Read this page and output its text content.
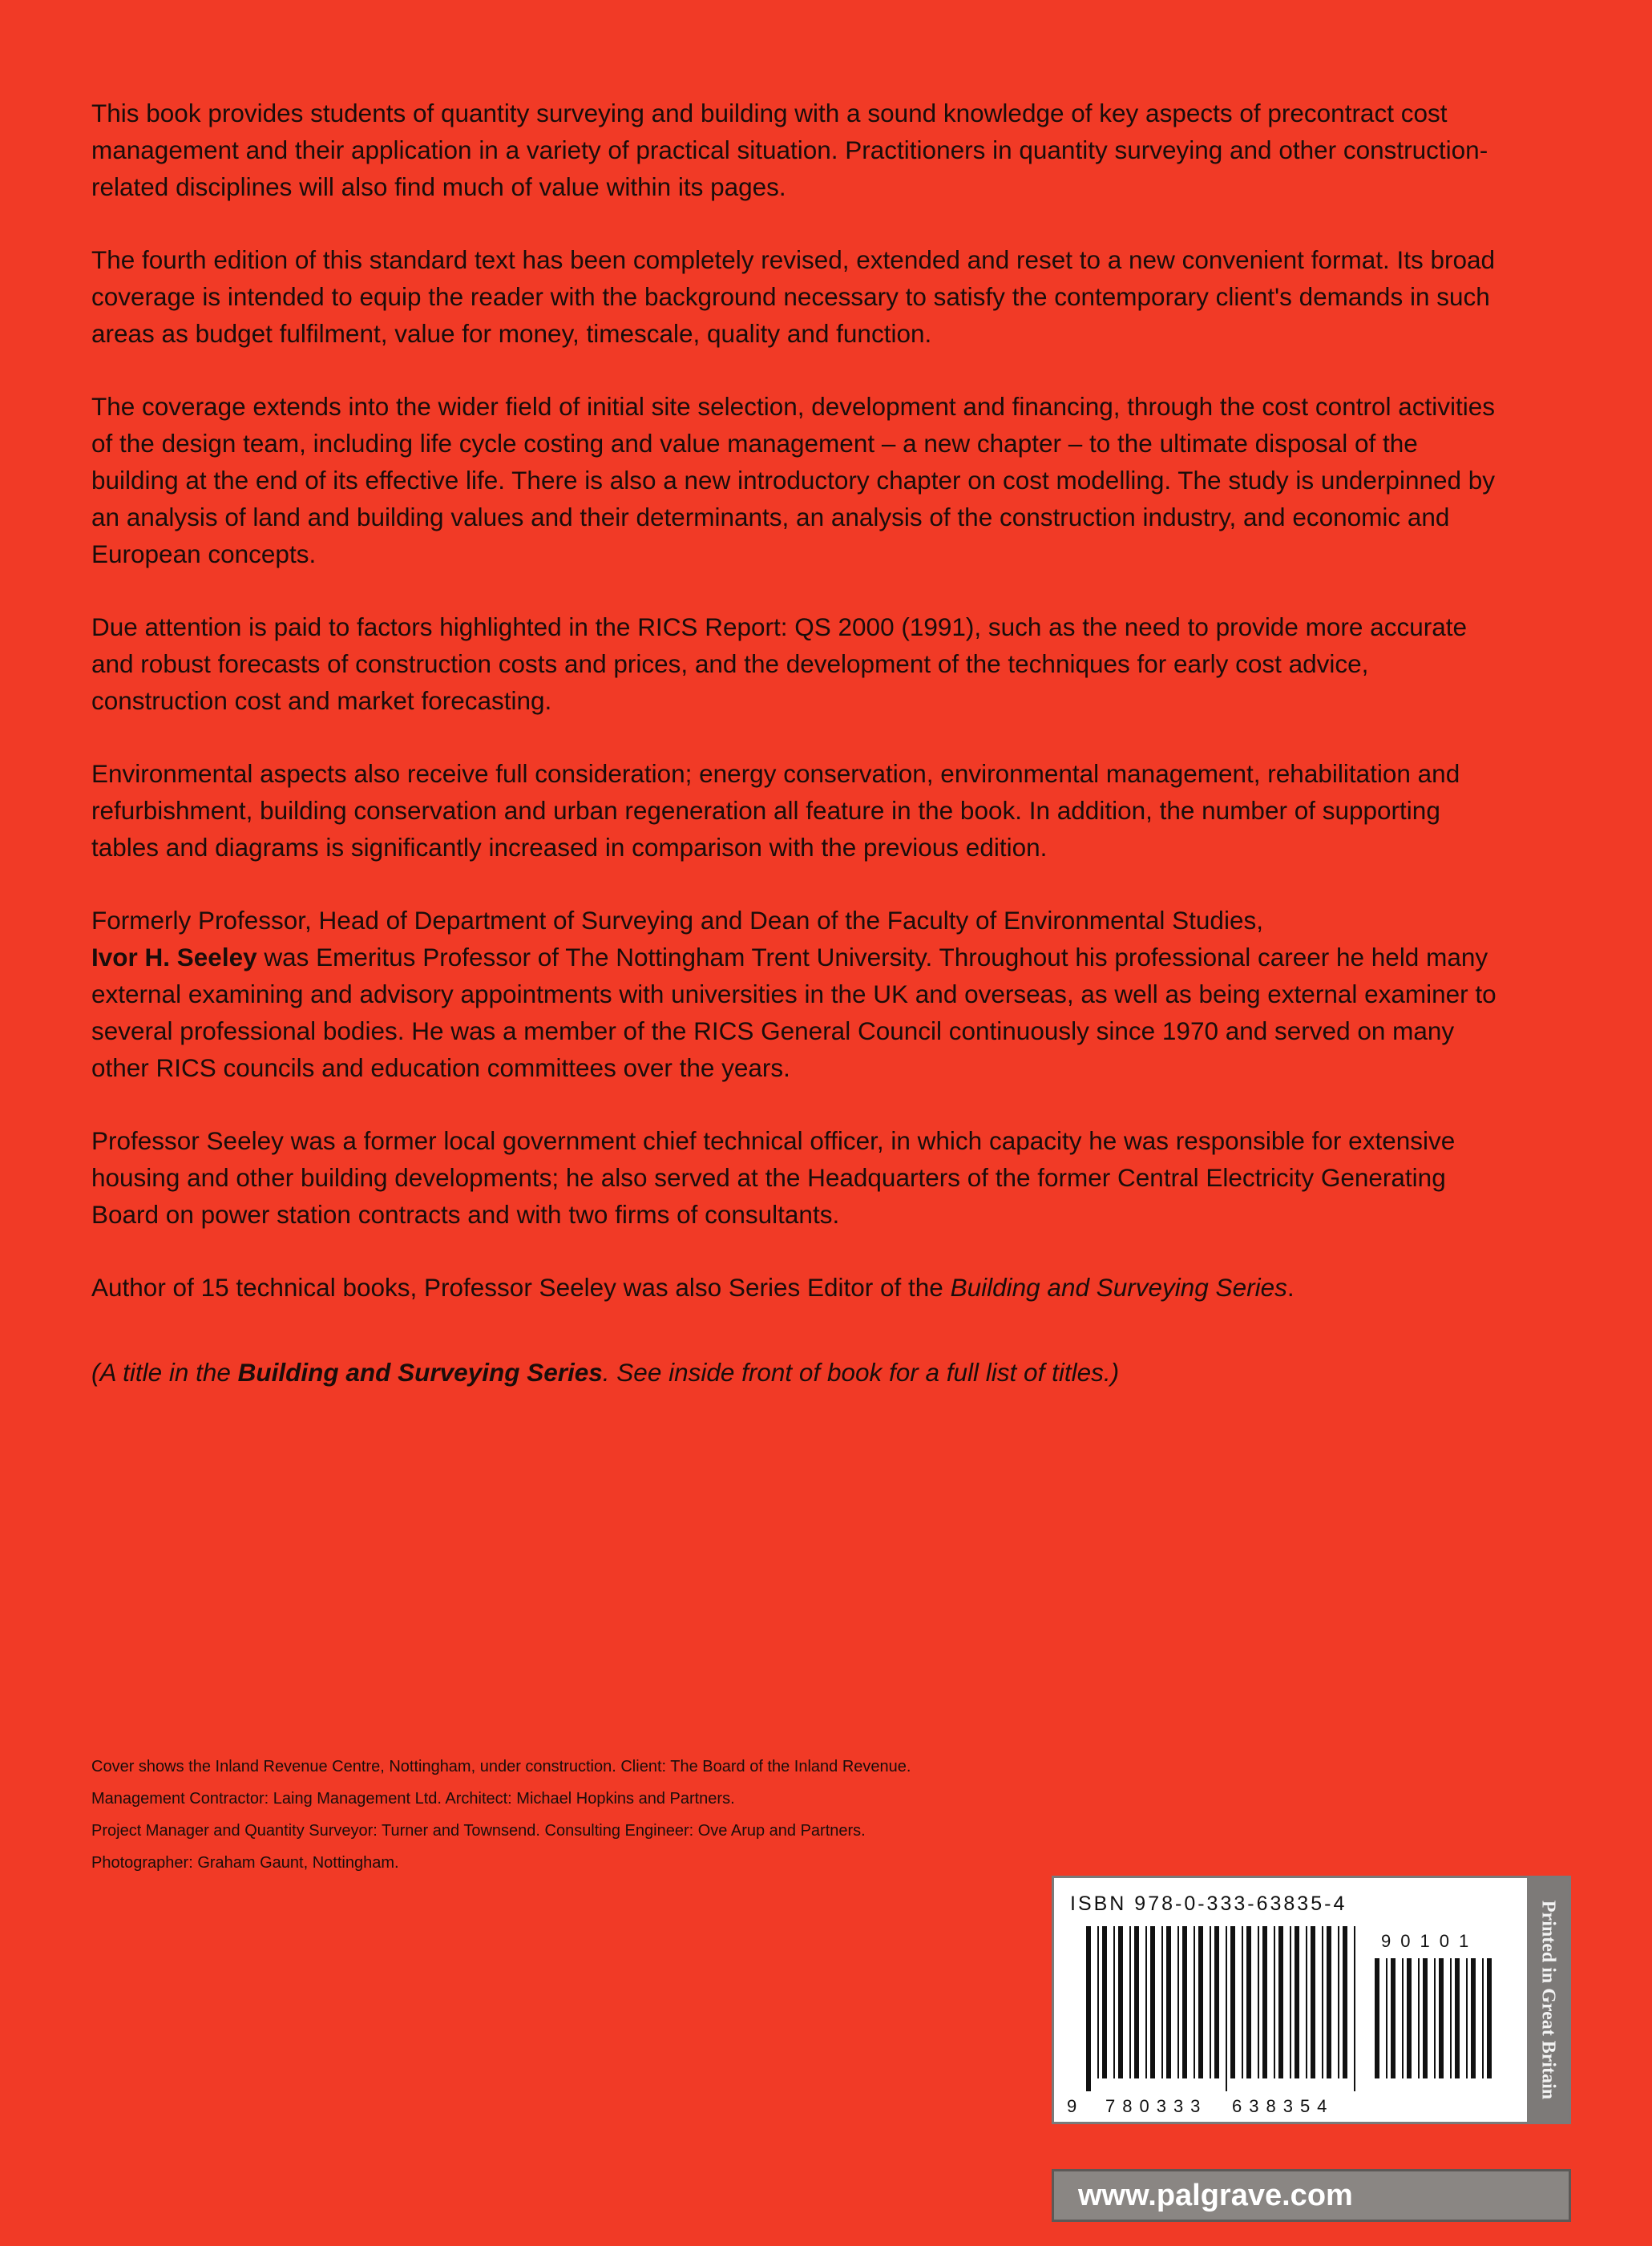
This book provides students of quantity surveying and building with a sound knowledge of key aspects of precontract cost management and their application in a variety of practical situation. Practitioners in quantity surveying and other construction-related disciplines will also find much of value within its pages.

The fourth edition of this standard text has been completely revised, extended and reset to a new convenient format. Its broad coverage is intended to equip the reader with the background necessary to satisfy the contemporary client's demands in such areas as budget fulfilment, value for money, timescale, quality and function.

The coverage extends into the wider field of initial site selection, development and financing, through the cost control activities of the design team, including life cycle costing and value management – a new chapter – to the ultimate disposal of the building at the end of its effective life. There is also a new introductory chapter on cost modelling. The study is underpinned by an analysis of land and building values and their determinants, an analysis of the construction industry, and economic and European concepts.

Due attention is paid to factors highlighted in the RICS Report: QS 2000 (1991), such as the need to provide more accurate and robust forecasts of construction costs and prices, and the development of the techniques for early cost advice, construction cost and market forecasting.

Environmental aspects also receive full consideration; energy conservation, environmental management, rehabilitation and refurbishment, building conservation and urban regeneration all feature in the book. In addition, the number of supporting tables and diagrams is significantly increased in comparison with the previous edition.

Formerly Professor, Head of Department of Surveying and Dean of the Faculty of Environmental Studies,
Ivor H. Seeley was Emeritus Professor of The Nottingham Trent University. Throughout his professional career he held many external examining and advisory appointments with universities in the UK and overseas, as well as being external examiner to several professional bodies. He was a member of the RICS General Council continuously since 1970 and served on many other RICS councils and education committees over the years.

Professor Seeley was a former local government chief technical officer, in which capacity he was responsible for extensive housing and other building developments; he also served at the Headquarters of the former Central Electricity Generating Board on power station contracts and with two firms of consultants.

Author of 15 technical books, Professor Seeley was also Series Editor of the Building and Surveying Series.

(A title in the Building and Surveying Series. See inside front of book for a full list of titles.)

Cover shows the Inland Revenue Centre, Nottingham, under construction. Client: The Board of the Inland Revenue.
Management Contractor: Laing Management Ltd. Architect: Michael Hopkins and Partners.
Project Manager and Quantity Surveyor: Turner and Townsend. Consulting Engineer: Ove Arup and Partners.
Photographer: Graham Gaunt, Nottingham.
ISBN 978-0-333-63835-4
9 780333 638354
90101	Printed in Great Britain
www.palgrave.com
